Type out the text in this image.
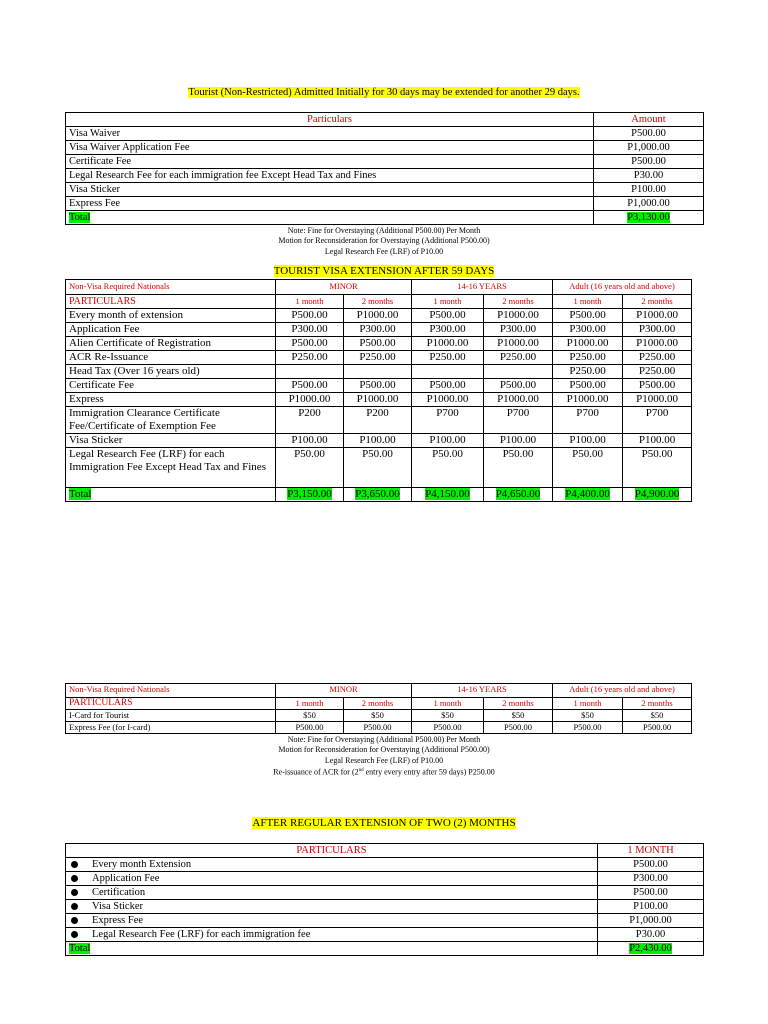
Tourist (Non-Restricted) Admitted Initially for 30 days may be extended for another 29 days.
Particulars	Amount
Visa Waiver	P500.00
Visa Waiver Application Fee	P1,000.00
Certificate Fee	P500.00
Legal Research Fee for each immigration fee Except Head Tax and Fines	P30.00
Visa Sticker	P100.00
Express Fee	P1,000.00
Total	P3,130.00
Note: Fine for Overstaying (Additional P500.00) Per Month
Motion for Reconsideration for Overstaying (Additional P500.00)
Legal Research Fee (LRF) of P10.00
TOURIST VISA EXTENSION AFTER 59 DAYS
Non-Visa Required Nationals	MINOR		14-16 YEARS		Adult (16 years old and above)	
PARTICULARS	1 month	2 months	1 month	2 months	1 month	2 months
Every month of extension	P500.00	P1000.00	P500.00	P1000.00	P500.00	P1000.00
Application Fee	P300.00	P300.00	P300.00	P300.00	P300.00	P300.00
Alien Certificate of Registration	P500.00	P500.00	P1000.00	P1000.00	P1000.00	P1000.00
ACR Re-Issuance	P250.00	P250.00	P250.00	P250.00	P250.00	P250.00
Head Tax (Over 16 years old)					P250.00	P250.00
Certificate Fee	P500.00	P500.00	P500.00	P500.00	P500.00	P500.00
Express	P1000.00	P1000.00	P1000.00	P1000.00	P1000.00	P1000.00
Immigration Clearance Certificate Fee/Certificate of Exemption Fee	P200	P200	P700	P700	P700	P700
Visa Sticker	P100.00	P100.00	P100.00	P100.00	P100.00	P100.00
Legal Research Fee (LRF) for each Immigration Fee Except Head Tax and Fines	P50.00	P50.00	P50.00	P50.00	P50.00	P50.00
Total	P3,150.00	P3,650.00	P4,150.00	P4,650.00	P4,400.00	P4,900.00
Non-Visa Required Nationals	MINOR		14-16 YEARS		Adult (16 years old and above)	
PARTICULARS	1 month	2 months	1 month	2 months	1 month	2 months
I-Card for Tourist	$50	$50	$50	$50	$50	$50
Express Fee (for I-card)	P500.00	P500.00	P500.00	P500.00	P500.00	P500.00
Note: Fine for Overstaying (Additional P500.00) Per Month
Motion for Reconsideration for Overstaying (Additional P500.00)
Legal Research Fee (LRF) of P10.00
Re-issuance of ACR for (2nd entry every entry after 59 days) P250.00
AFTER REGULAR EXTENSION OF TWO (2) MONTHS
PARTICULARS	1 MONTH
Every month Extension	P500.00
Application Fee	P300.00
Certification	P500.00
Visa Sticker	P100.00
Express Fee	P1,000.00
Legal Research Fee (LRF) for each immigration fee	P30.00
Total	P2,430.00
